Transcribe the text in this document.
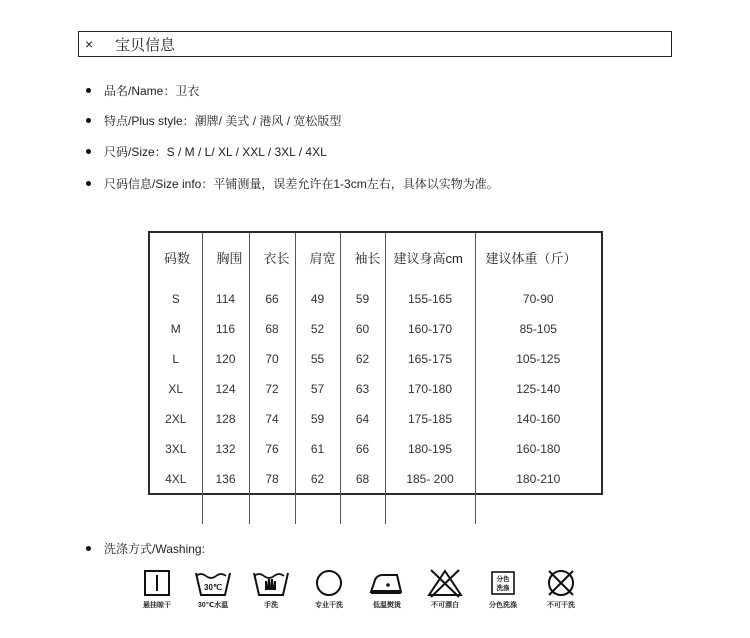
×	宝贝信息
品名/Name：卫衣
特点/Plus style：潮牌/ 美式 / 港风 / 宽松版型
尺码/Size：S / M / L/ XL / XXL / 3XL / 4XL
尺码信息/Size info：平铺测量，误差允许在1-3cm左右，具体以实物为准。
码数	胸围	衣长	肩宽	袖长	建议身高cm	建议体重（斤）
S	114	66	49	59	155-165	70-90
M	116	68	52	60	160-170	85-105
L	120	70	55	62	165-175	105-125
XL	124	72	57	63	170-180	125-140
2XL	128	74	59	64	175-185	140-160
3XL	132	76	61	66	180-195	160-180
4XL	136	78	62	68	185- 200	180-210

洗涤方式/Washing:
悬挂晾干
30℃
30℃水温	手洗	专业干洗	低温熨烫	不可漂白
分色
洗涤
分色洗涤	不可干洗
